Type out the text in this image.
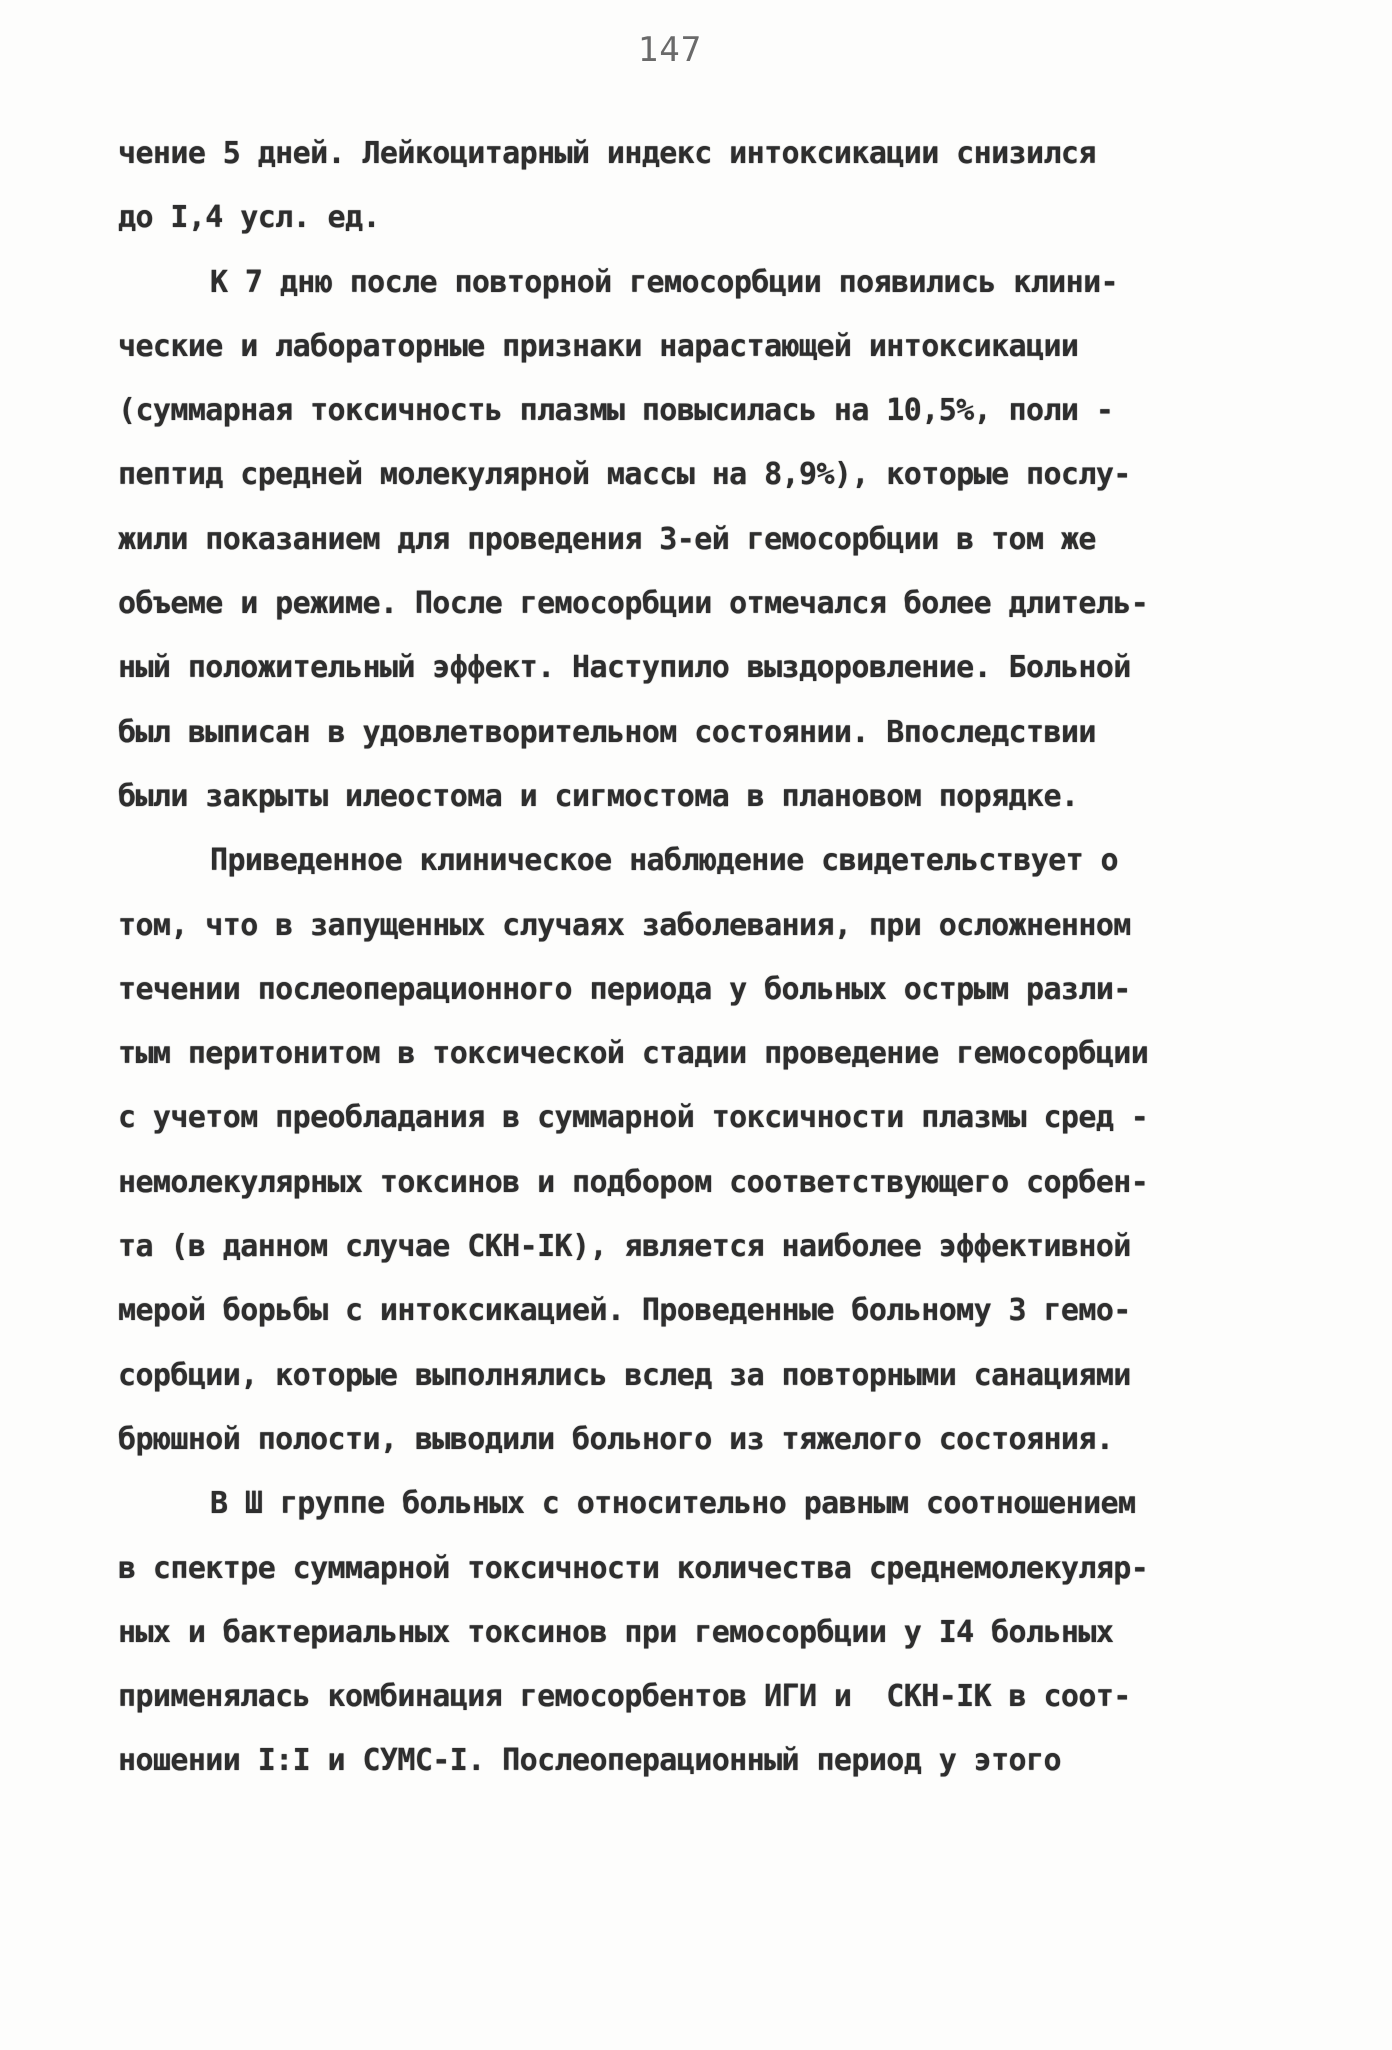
147
чение 5 дней. Лейкоцитарный индекс интоксикации снизился
до I,4 усл. ед.
К 7 дню после повторной гемосорбции появились клини-
ческие и лабораторные признаки нарастающей интоксикации
(суммарная токсичность плазмы повысилась на 10,5%, поли -
пептид средней молекулярной массы на 8,9%), которые послу-
жили показанием для проведения 3-ей гемосорбции в том же
объеме и режиме. После гемосорбции отмечался более длитель-
ный положительный эффект. Наступило выздоровление. Больной
был выписан в удовлетворительном состоянии. Впоследствии
были закрыты илеостома и сигмостома в плановом порядке.
Приведенное клиническое наблюдение свидетельствует о
том, что в запущенных случаях заболевания, при осложненном
течении послеоперационного периода у больных острым разли-
тым перитонитом в токсической стадии проведение гемосорбции
с учетом преобладания в суммарной токсичности плазмы сред -
немолекулярных токсинов и подбором соответствующего сорбен-
та (в данном случае СКН-IК), является наиболее эффективной
мерой борьбы с интоксикацией. Проведенные больному 3 гемо-
сорбции, которые выполнялись вслед за повторными санациями
брюшной полости, выводили больного из тяжелого состояния.
В Ш группе больных с относительно равным соотношением
в спектре суммарной токсичности количества среднемолекуляр-
ных и бактериальных токсинов при гемосорбции у I4 больных
применялась комбинация гемосорбентов ИГИ и  СКН-IК в соот-
ношении I:I и СУМС-I. Послеоперационный период у этого
